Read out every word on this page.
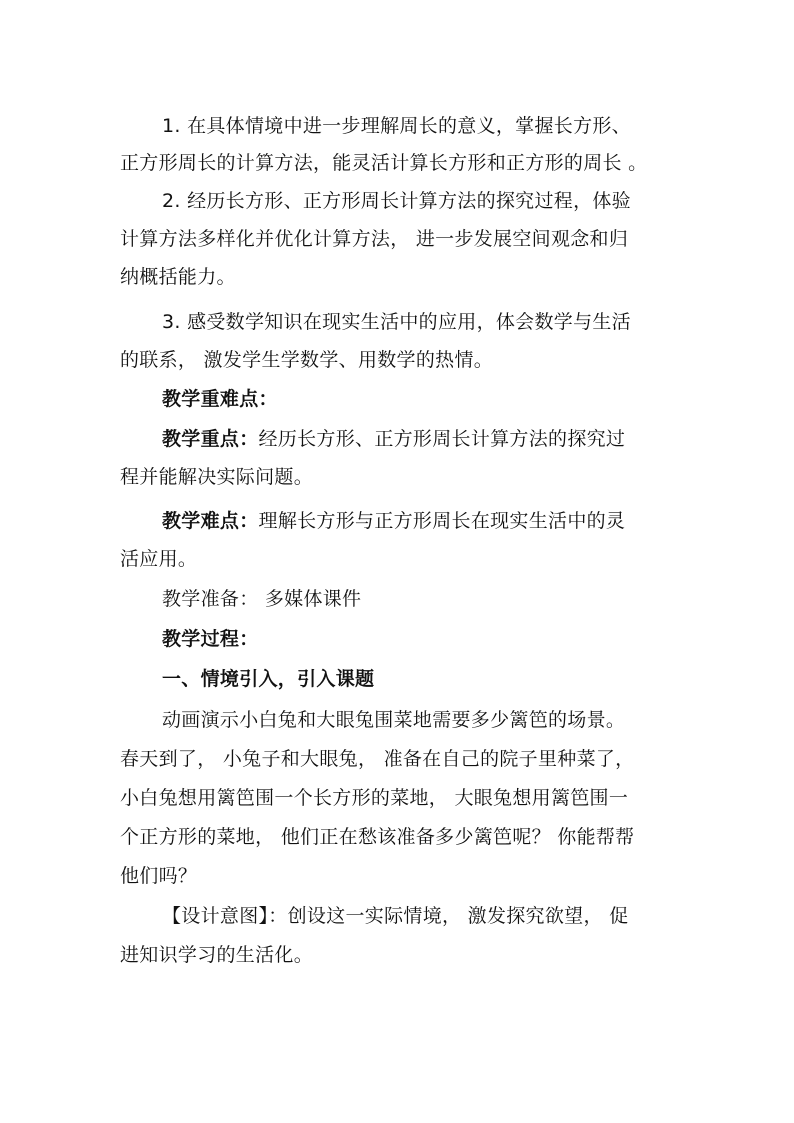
1. 在具体情境中进一步理解周长的意义，掌握长方形、
正方形周长的计算方法，能灵活计算长方形和正方形的周长 。
2. 经历长方形、正方形周长计算方法的探究过程，体验
计算方法多样化并优化计算方法， 进一步发展空间观念和归
纳概括能力。
3. 感受数学知识在现实生活中的应用，体会数学与生活
的联系， 激发学生学数学、用数学的热情。
教学重难点：
教学重点：经历长方形、正方形周长计算方法的探究过
程并能解决实际问题。
教学难点：理解长方形与正方形周长在现实生活中的灵
活应用。
教学准备： 多媒体课件
教学过程：
一、情境引入，引入课题
动画演示小白兔和大眼兔围菜地需要多少篱笆的场景。
春天到了， 小兔子和大眼兔， 准备在自己的院子里种菜了，
小白兔想用篱笆围一个长方形的菜地， 大眼兔想用篱笆围一
个正方形的菜地， 他们正在愁该准备多少篱笆呢？ 你能帮帮
他们吗？
【设计意图】：创设这一实际情境， 激发探究欲望， 促
进知识学习的生活化。
